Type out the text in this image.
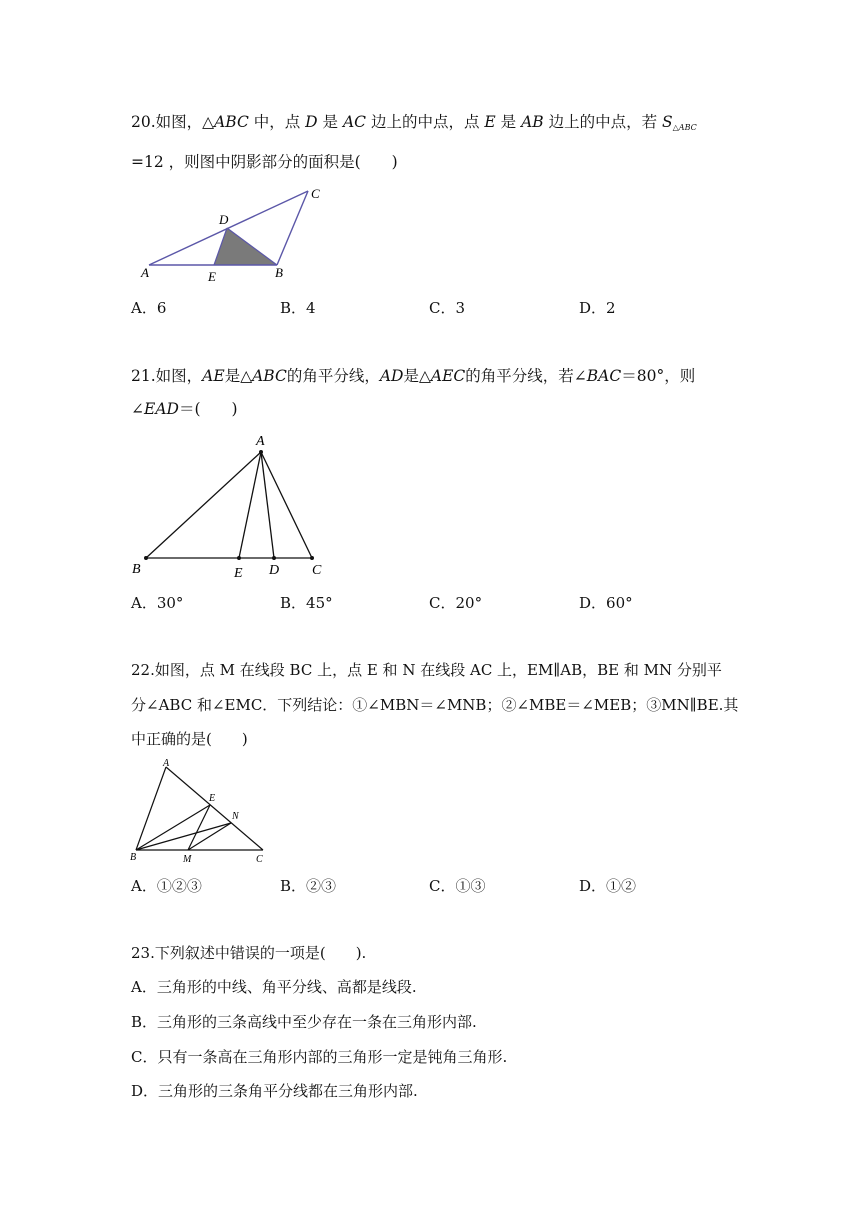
20.如图，△ABC 中，点 D 是 AC 边上的中点，点 E 是 AB 边上的中点，若 $S_{\triangle ABC}$
=12 ，则图中阴影部分的面积是(　　)
A	E	B
D
C
A．6	B．4	C．3	D．2
21.如图，AE是△ABC的角平分线，AD是△AEC的角平分线，若∠BAC＝80°，则
∠EAD＝(　　)
A
B	E D C
A．30°	B．45°	C．20°	D．60°
22.如图，点 M 在线段 BC 上，点 E 和 N 在线段 AC 上，EM∥AB，BE 和 MN 分别平
分∠ABC 和∠EMC．下列结论：①∠MBN＝∠MNB；②∠MBE＝∠MEB；③MN∥BE.其
中正确的是(　　)
A
E
N
B	M	C
A．①②③	B．②③	C．①③	D．①②
23.下列叙述中错误的一项是(　　).
A．三角形的中线、角平分线、高都是线段.
B．三角形的三条高线中至少存在一条在三角形内部.
C．只有一条高在三角形内部的三角形一定是钝角三角形.
D．三角形的三条角平分线都在三角形内部.
